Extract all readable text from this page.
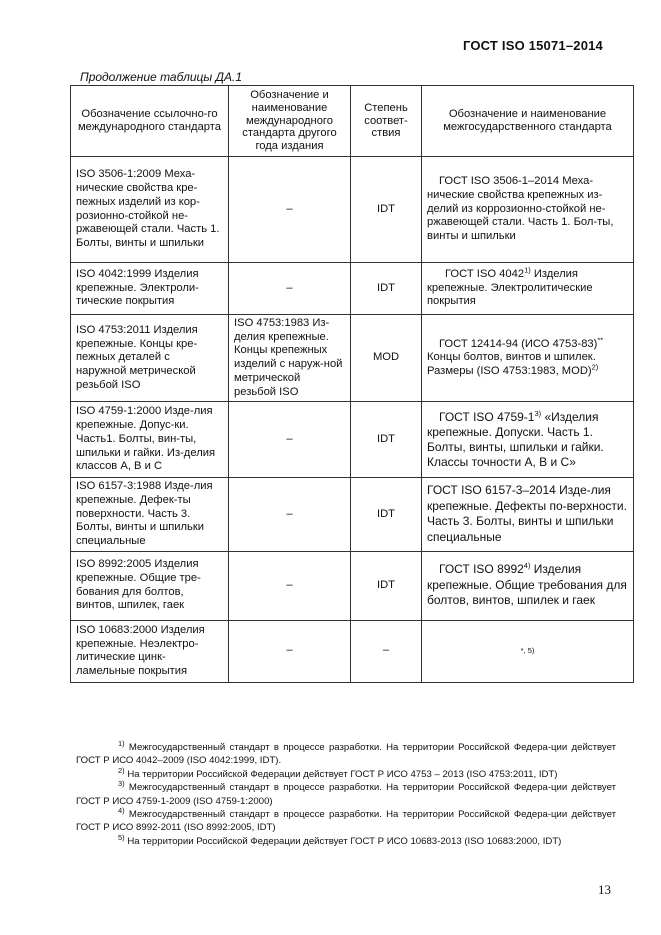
ГОСТ ISO 15071–2014
Продолжение таблицы ДА.1
Обозначение ссылочно-го международного стандарта	Обозначение и наименование международного стандарта другого года издания	Степень соответ-ствия	Обозначение и наименование межгосударственного стандарта
ISO 3506-1:2009 Меха-нические свойства кре-пежных изделий из кор-розионно-стойкой не-ржавеющей стали. Часть 1. Болты, винты и шпильки	–	IDT	ГОСТ ISO 3506-1–2014 Меха-нические свойства крепежных из-делий из коррозионно-стойкой не-ржавеющей стали. Часть 1. Бол-ты, винты и шпильки
ISO 4042:1999 Изделия крепежные. Электроли-тические покрытия	–	IDT	ГОСТ ISO 4042$^{1)}$ Изделия крепежные. Электролитические покрытия
ISO 4753:2011 Изделия крепежные. Концы кре-пежных деталей с наружной метрической резьбой ISO	ISO 4753:1983 Из-делия крепежные. Концы крепежных изделий с наруж-ной метрической резьбой ISO	MOD	ГОСТ 12414-94 (ИСО 4753-83)**
Концы болтов, винтов и шпилек. Размеры (ISO 4753:1983, MOD)$^{2)}$
ISO 4759-1:2000 Изде-лия крепежные. Допус-ки. Часть1. Болты, вин-ты, шпильки и гайки. Из-делия классов A, B и C	–	IDT	ГОСТ ISO 4759-1$^{3)}$ «Изделия крепежные. Допуски. Часть 1. Болты, винты, шпильки и гайки. Классы точности А, В и С»
ISO 6157-3:1988 Изде-лия крепежные. Дефек-ты поверхности. Часть 3. Болты, винты и шпильки специальные	–	IDT	ГОСТ ISO 6157-3–2014 Изде-лия крепежные. Дефекты по-верхности. Часть 3. Болты, винты и шпильки специальные
ISO 8992:2005 Изделия крепежные. Общие тре-бования для болтов, винтов, шпилек, гаек	–	IDT	ГОСТ ISO 8992$^{4)}$ Изделия крепежные. Общие требования для болтов, винтов, шпилек и гаек
ISO 10683:2000 Изделия крепежные. Неэлектро-литические цинк-ламельные покрытия	–	–	*, 5)
$^{1)}$ Межгосударственный стандарт в процессе разработки. На территории Российской Федера-ции действует ГОСТ Р ИСО 4042–2009 (ISO 4042:1999, IDT).
$^{2)}$ На территории Российской Федерации действует ГОСТ Р ИСО 4753 – 2013 (ISO 4753:2011, IDT)
$^{3)}$ Межгосударственный стандарт в процессе разработки. На территории Российской Федера-ции действует ГОСТ Р ИСО 4759-1-2009 (ISO 4759-1:2000)
$^{4)}$ Межгосударственный стандарт в процессе разработки. На территории Российской Федера-ции действует ГОСТ Р ИСО 8992-2011 (ISO 8992:2005, IDT)
$^{5)}$ На территории Российской Федерации действует ГОСТ Р ИСО 10683-2013 (ISO 10683:2000, IDT)
13
